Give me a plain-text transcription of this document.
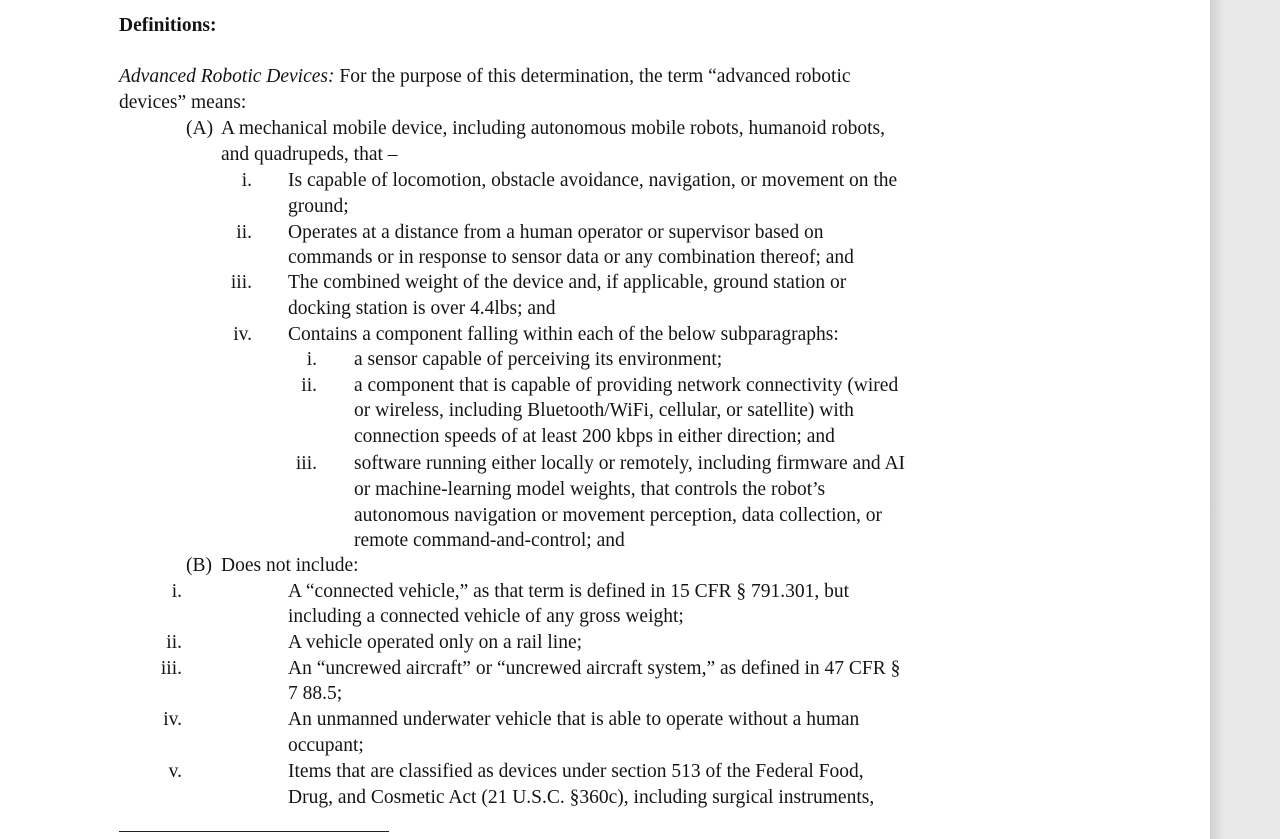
Definitions:
Advanced Robotic Devices: For the purpose of this determination, the term “advanced robotic
devices” means:
(A) A mechanical mobile device, including autonomous mobile robots, humanoid robots,
and quadrupeds, that –
i. Is capable of locomotion, obstacle avoidance, navigation, or movement on the
ground;
ii. Operates at a distance from a human operator or supervisor based on
commands or in response to sensor data or any combination thereof; and
iii. The combined weight of the device and, if applicable, ground station or
docking station is over 4.4lbs; and
iv. Contains a component falling within each of the below subparagraphs:
i. a sensor capable of perceiving its environment;
ii. a component that is capable of providing network connectivity (wired
or wireless, including Bluetooth/WiFi, cellular, or satellite) with
connection speeds of at least 200 kbps in either direction; and
iii. software running either locally or remotely, including firmware and AI
or machine-learning model weights, that controls the robot’s
autonomous navigation or movement perception, data collection, or
remote command-and-control; and
(B) Does not include:
i.	A “connected vehicle,” as that term is defined in 15 CFR § 791.301, but
including a connected vehicle of any gross weight;
ii.	A vehicle operated only on a rail line;
iii.	An “uncrewed aircraft” or “uncrewed aircraft system,” as defined in 47 CFR §
7 88.5;
iv.	An unmanned underwater vehicle that is able to operate without a human
occupant;
v.	Items that are classified as devices under section 513 of the Federal Food,
Drug, and Cosmetic Act (21 U.S.C. §360c), including surgical instruments,
